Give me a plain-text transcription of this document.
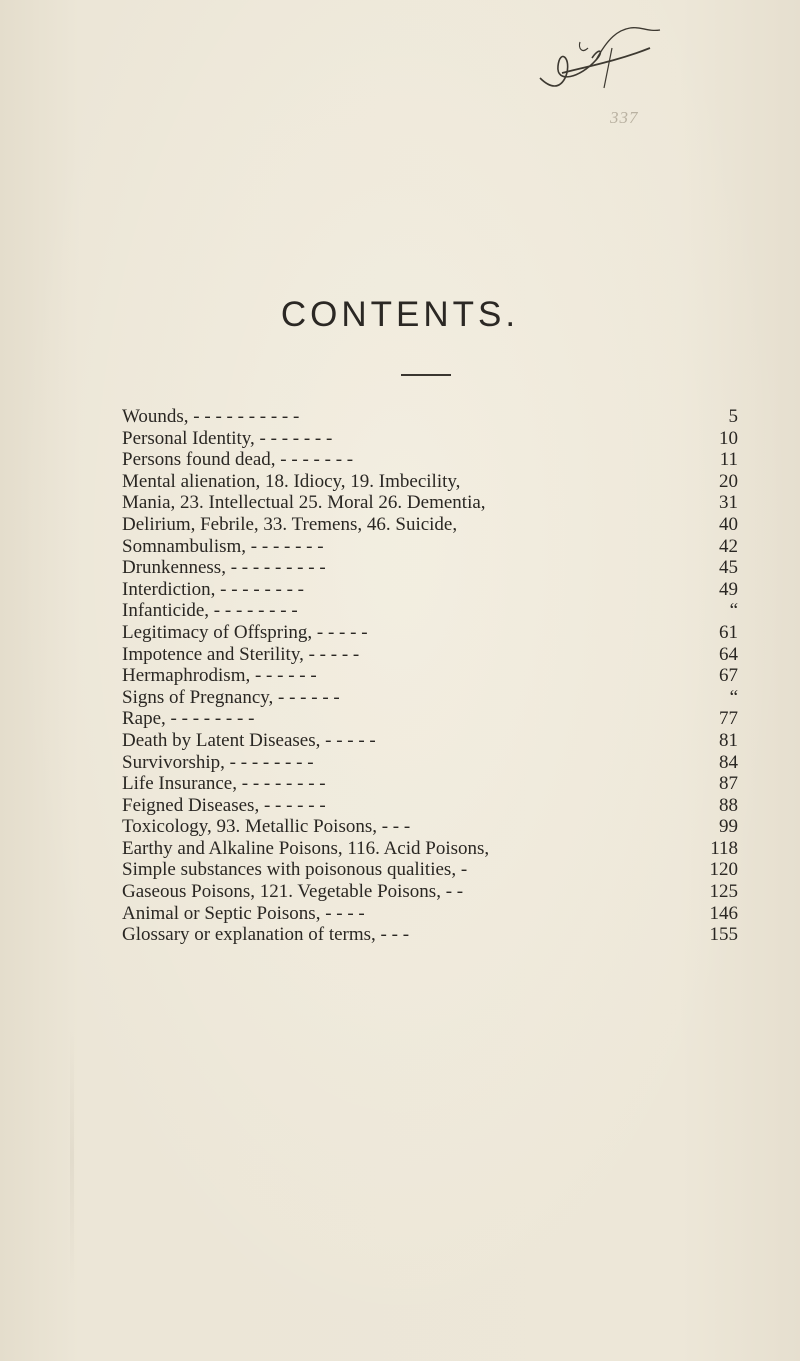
337
CONTENTS.
Wounds, - - - - - - - - - -	5
Personal Identity, - - - - - - -	10
Persons found dead, - - - - - - -	11
Mental alienation, 18. Idiocy, 19. Imbecility,	20
Mania, 23. Intellectual 25. Moral 26. Dementia,	31
Delirium, Febrile, 33. Tremens, 46. Suicide,	40
Somnambulism, - - - - - - -	42
Drunkenness, - - - - - - - - -	45
Interdiction, - - - - - - - -	49
Infanticide, - - - - - - - -	“
Legitimacy of Offspring, - - - - -	61
Impotence and Sterility, - - - - -	64
Hermaphrodism, - - - - - -	67
Signs of Pregnancy, - - - - - -	“
Rape, - - - - - - - -	77
Death by Latent Diseases, - - - - -	81
Survivorship, - - - - - - - -	84
Life Insurance, - - - - - - - -	87
Feigned Diseases, - - - - - -	88
Toxicology, 93. Metallic Poisons, - - -	99
Earthy and Alkaline Poisons, 116. Acid Poisons,	118
Simple substances with poisonous qualities, -	120
Gaseous Poisons, 121. Vegetable Poisons, - -	125
Animal or Septic Poisons, - - - -	146
Glossary or explanation of terms, - - -	155
